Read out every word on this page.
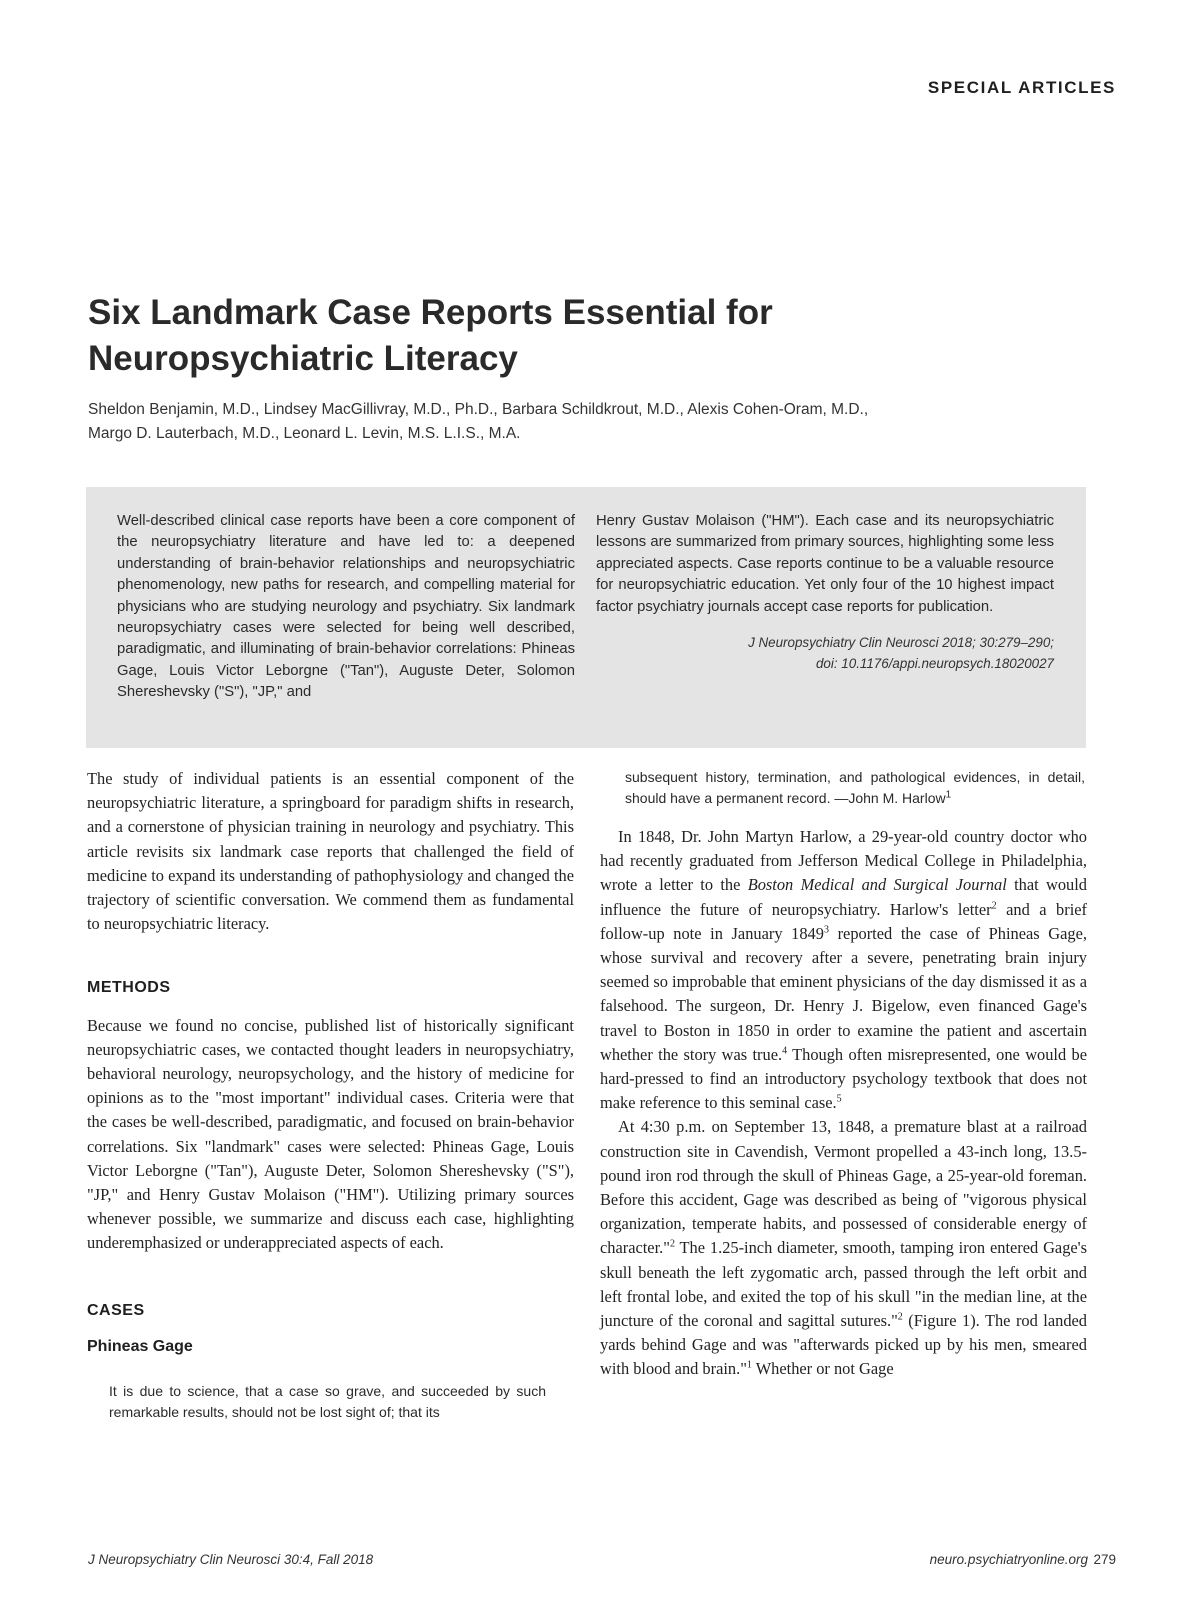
SPECIAL ARTICLES
Six Landmark Case Reports Essential for Neuropsychiatric Literacy
Sheldon Benjamin, M.D., Lindsey MacGillivray, M.D., Ph.D., Barbara Schildkrout, M.D., Alexis Cohen-Oram, M.D.,
Margo D. Lauterbach, M.D., Leonard L. Levin, M.S. L.I.S., M.A.

Well-described clinical case reports have been a core component of the neuropsychiatry literature and have led to: a deepened understanding of brain-behavior relationships and neuropsychiatric phenomenology, new paths for research, and compelling material for physicians who are studying neurology and psychiatry. Six landmark neuropsychiatry cases were selected for being well described, paradigmatic, and illuminating of brain-behavior correlations: Phineas Gage, Louis Victor Leborgne ("Tan"), Auguste Deter, Solomon Shereshevsky ("S"), "JP," and

Henry Gustav Molaison ("HM"). Each case and its neuropsychiatric lessons are summarized from primary sources, highlighting some less appreciated aspects. Case reports continue to be a valuable resource for neuropsychiatric education. Yet only four of the 10 highest impact factor psychiatry journals accept case reports for publication.

J Neuropsychiatry Clin Neurosci 2018; 30:279–290;
doi: 10.1176/appi.neuropsych.18020027

The study of individual patients is an essential component of the neuropsychiatric literature, a springboard for paradigm shifts in research, and a cornerstone of physician training in neurology and psychiatry. This article revisits six landmark case reports that challenged the field of medicine to expand its understanding of pathophysiology and changed the trajectory of scientific conversation. We commend them as fundamental to neuropsychiatric literacy.

METHODS

Because we found no concise, published list of historically significant neuropsychiatric cases, we contacted thought leaders in neuropsychiatry, behavioral neurology, neuropsychology, and the history of medicine for opinions as to the "most important" individual cases. Criteria were that the cases be well-described, paradigmatic, and focused on brain-behavior correlations. Six "landmark" cases were selected: Phineas Gage, Louis Victor Leborgne ("Tan"), Auguste Deter, Solomon Shereshevsky ("S"), "JP," and Henry Gustav Molaison ("HM"). Utilizing primary sources whenever possible, we summarize and discuss each case, highlighting underemphasized or underappreciated aspects of each.

CASES
Phineas Gage
It is due to science, that a case so grave, and succeeded by such remarkable results, should not be lost sight of; that its
subsequent history, termination, and pathological evidences, in detail, should have a permanent record. —John M. Harlow$^1$

In 1848, Dr. John Martyn Harlow, a 29-year-old country doctor who had recently graduated from Jefferson Medical College in Philadelphia, wrote a letter to the Boston Medical and Surgical Journal that would influence the future of neuropsychiatry. Harlow's letter$^2$ and a brief follow-up note in January 1849$^3$ reported the case of Phineas Gage, whose survival and recovery after a severe, penetrating brain injury seemed so improbable that eminent physicians of the day dismissed it as a falsehood. The surgeon, Dr. Henry J. Bigelow, even financed Gage's travel to Boston in 1850 in order to examine the patient and ascertain whether the story was true.$^4$ Though often misrepresented, one would be hard-pressed to find an introductory psychology textbook that does not make reference to this seminal case.$^5$

At 4:30 p.m. on September 13, 1848, a premature blast at a railroad construction site in Cavendish, Vermont propelled a 43-inch long, 13.5-pound iron rod through the skull of Phineas Gage, a 25-year-old foreman. Before this accident, Gage was described as being of "vigorous physical organization, temperate habits, and possessed of considerable energy of character."$^2$ The 1.25-inch diameter, smooth, tamping iron entered Gage's skull beneath the left zygomatic arch, passed through the left orbit and left frontal lobe, and exited the top of his skull "in the median line, at the juncture of the coronal and sagittal sutures."$^2$ (Figure 1). The rod landed yards behind Gage and was "afterwards picked up by his men, smeared with blood and brain."$^1$ Whether or not Gage

J Neuropsychiatry Clin Neurosci 30:4, Fall 2018	neuro.psychiatryonline.org 279
